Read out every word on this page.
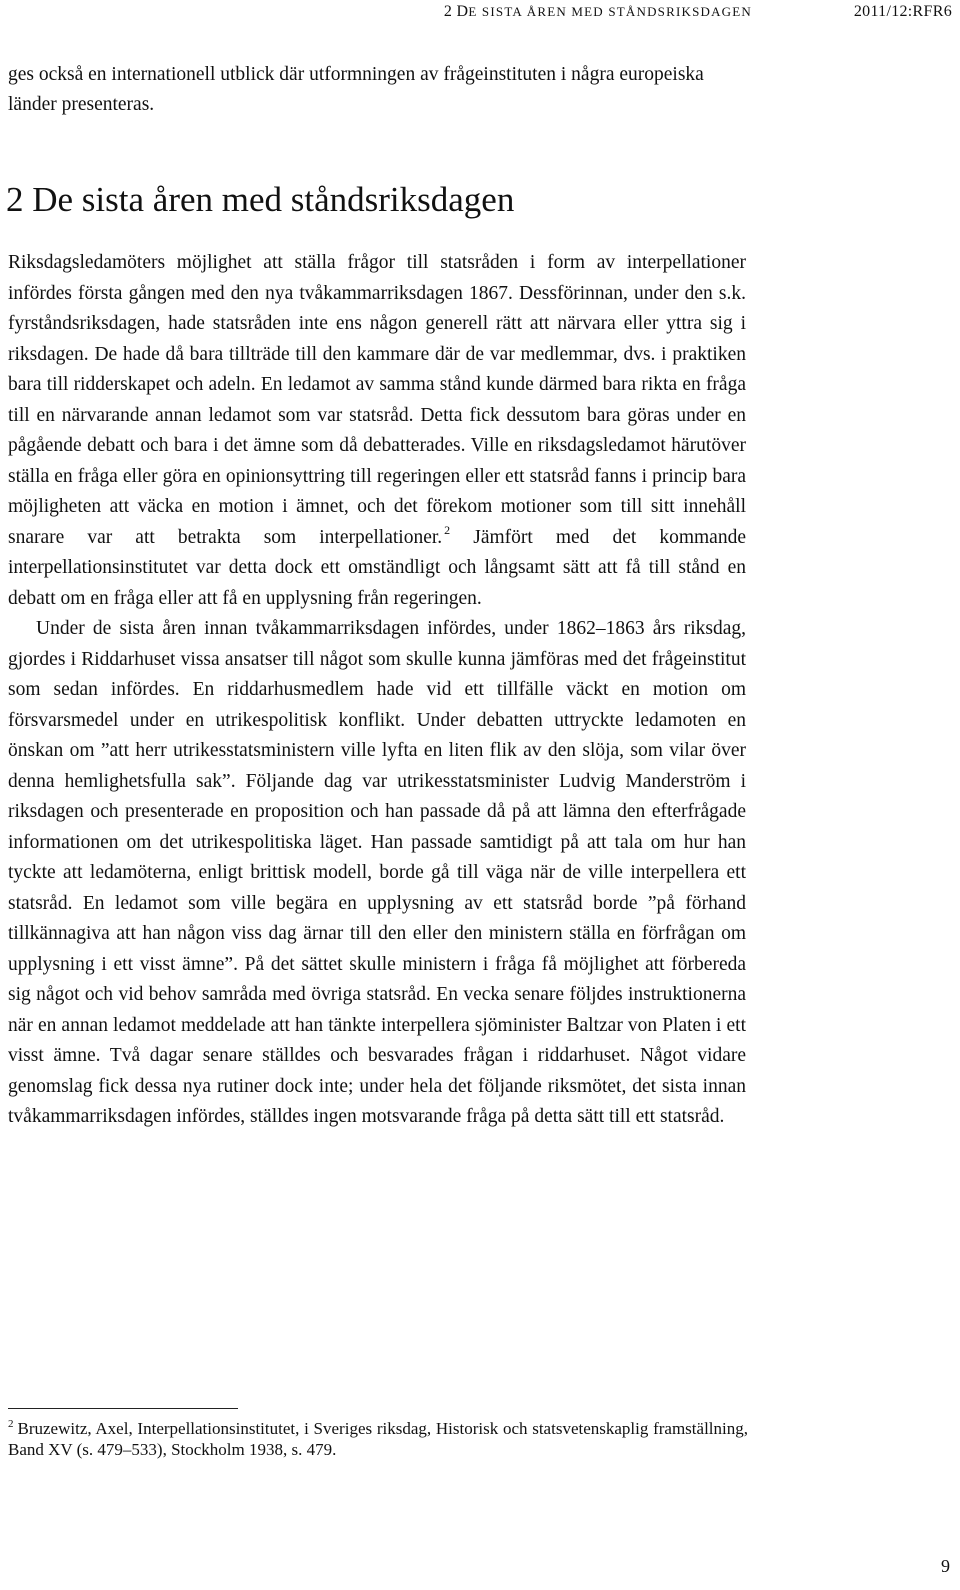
2 DE SISTA ÅREN MED STÅNDSRIKSDAGEN	2011/12:RFR6
ges också en internationell utblick där utformningen av frågeinstituten i några europeiska länder presenteras.
2 De sista åren med ståndsriksdagen

Riksdagsledamöters möjlighet att ställa frågor till statsråden i form av interpellationer infördes första gången med den nya tvåkammarriksdagen 1867. Dessförinnan, under den s.k. fyrståndsriksdagen, hade statsråden inte ens någon generell rätt att närvara eller yttra sig i riksdagen. De hade då bara tillträde till den kammare där de var medlemmar, dvs. i praktiken bara till ridderskapet och adeln. En ledamot av samma stånd kunde därmed bara rikta en fråga till en närvarande annan ledamot som var statsråd. Detta fick dessutom bara göras under en pågående debatt och bara i det ämne som då debatterades. Ville en riksdagsledamot härutöver ställa en fråga eller göra en opinionsyttring till regeringen eller ett statsråd fanns i princip bara möjligheten att väcka en motion i ämnet, och det förekom motioner som till sitt innehåll snarare var att betrakta som interpellationer. $^2$ Jämfört med det kommande interpellationsinstitutet var detta dock ett omständligt och långsamt sätt att få till stånd en debatt om en fråga eller att få en upplysning från regeringen.

Under de sista åren innan tvåkammarriksdagen infördes, under 1862–1863 års riksdag, gjordes i Riddarhuset vissa ansatser till något som skulle kunna jämföras med det frågeinstitut som sedan infördes. En riddarhusmedlem hade vid ett tillfälle väckt en motion om försvarsmedel under en utrikespolitisk konflikt. Under debatten uttryckte ledamoten en önskan om ”att herr utrikesstatsministern ville lyfta en liten flik av den slöja, som vilar över denna hemlighetsfulla sak”. Följande dag var utrikesstatsminister Ludvig Manderström i riksdagen och presenterade en proposition och han passade då på att lämna den efterfrågade informationen om det utrikespolitiska läget. Han passade samtidigt på att tala om hur han tyckte att ledamöterna, enligt brittisk modell, borde gå till väga när de ville interpellera ett statsråd. En ledamot som ville begära en upplysning av ett statsråd borde ”på förhand tillkännagiva att han någon viss dag ärnar till den eller den ministern ställa en förfrågan om upplysning i ett visst ämne”. På det sättet skulle ministern i fråga få möjlighet att förbereda sig något och vid behov samråda med övriga statsråd. En vecka senare följdes instruktionerna när en annan ledamot meddelade att han tänkte interpellera sjöminister Baltzar von Platen i ett visst ämne. Två dagar senare ställdes och besvarades frågan i riddarhuset. Något vidare genomslag fick dessa nya rutiner dock inte; under hela det följande riksmötet, det sista innan tvåkammarriksdagen infördes, ställdes ingen motsvarande fråga på detta sätt till ett statsråd.

$^2$ Bruzewitz, Axel, Interpellationsinstitutet, i Sveriges riksdag, Historisk och statsvetenskaplig framställning, Band XV (s. 479–533), Stockholm 1938, s. 479.
9
